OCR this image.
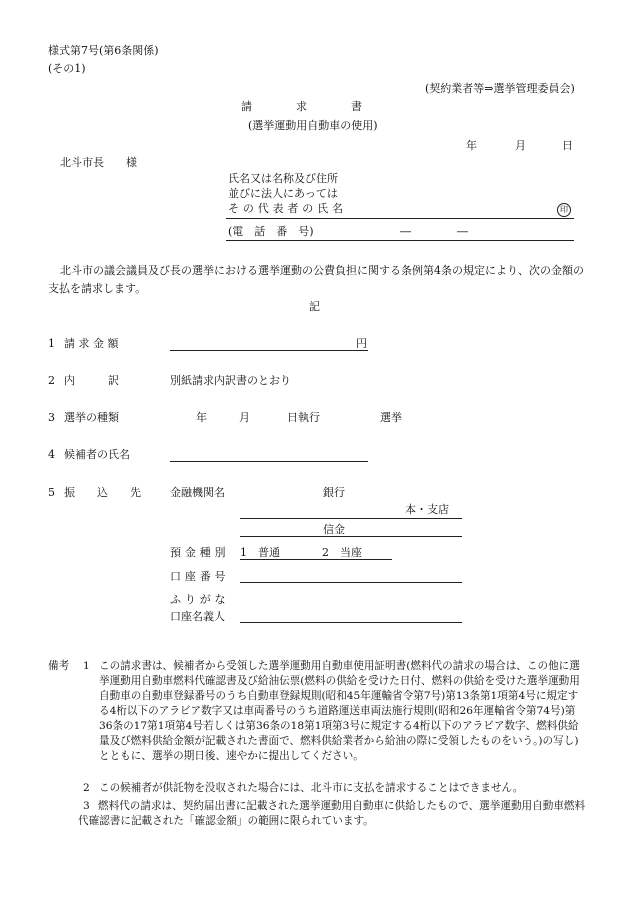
様式第7号(第6条関係)
(その1)
(契約業者等⇒選挙管理委員会)
請　　　　求　　　　書
(選挙運動用自動車の使用)
年	月	日
北斗市長　　様
氏名又は名称及び住所
並びに法人にあっては
その代表者の氏名	印
(電　話　番　号)	―	―
北斗市の議会議員及び長の選挙における選挙運動の公費負担に関する条例第4条の規定により、次の金額の支払を請求します。
記
1 請 求 金 額	円
2 内　　　訳	別紙請求内訳書のとおり
3 選挙の種類	年	月	日執行	選挙
4 候補者の氏名
5 振　　込　　先	金融機関名	銀行
本・支店
信金
預金種別 1　普通	2　当座
口座番号
ふりがな
口座名義人
備考 1 この請求書は、候補者から受領した選挙運動用自動車使用証明書(燃料代の請求の場合は、この他に選挙運動用自動車燃料代確認書及び給油伝票(燃料の供給を受けた日付、燃料の供給を受けた選挙運動用自動車の自動車登録番号のうち自動車登録規則(昭和45年運輸省令第7号)第13条第1項第4号に規定する4桁以下のアラビア数字又は車両番号のうち道路運送車両法施行規則(昭和26年運輸省令第74号)第36条の17第1項第4号若しくは第36条の18第1項第3号に規定する4桁以下のアラビア数字、燃料供給量及び燃料供給金額が記載された書面で、燃料供給業者から給油の際に受領したものをいう。)の写し)とともに、選挙の期日後、速やかに提出してください。
2 この候補者が供託物を没収された場合には、北斗市に支払を請求することはできません。
3 燃料代の請求は、契約届出書に記載された選挙運動用自動車に供給したもので、選挙運動用自動車燃料代確認書に記載された「確認金額」の範囲に限られています。
